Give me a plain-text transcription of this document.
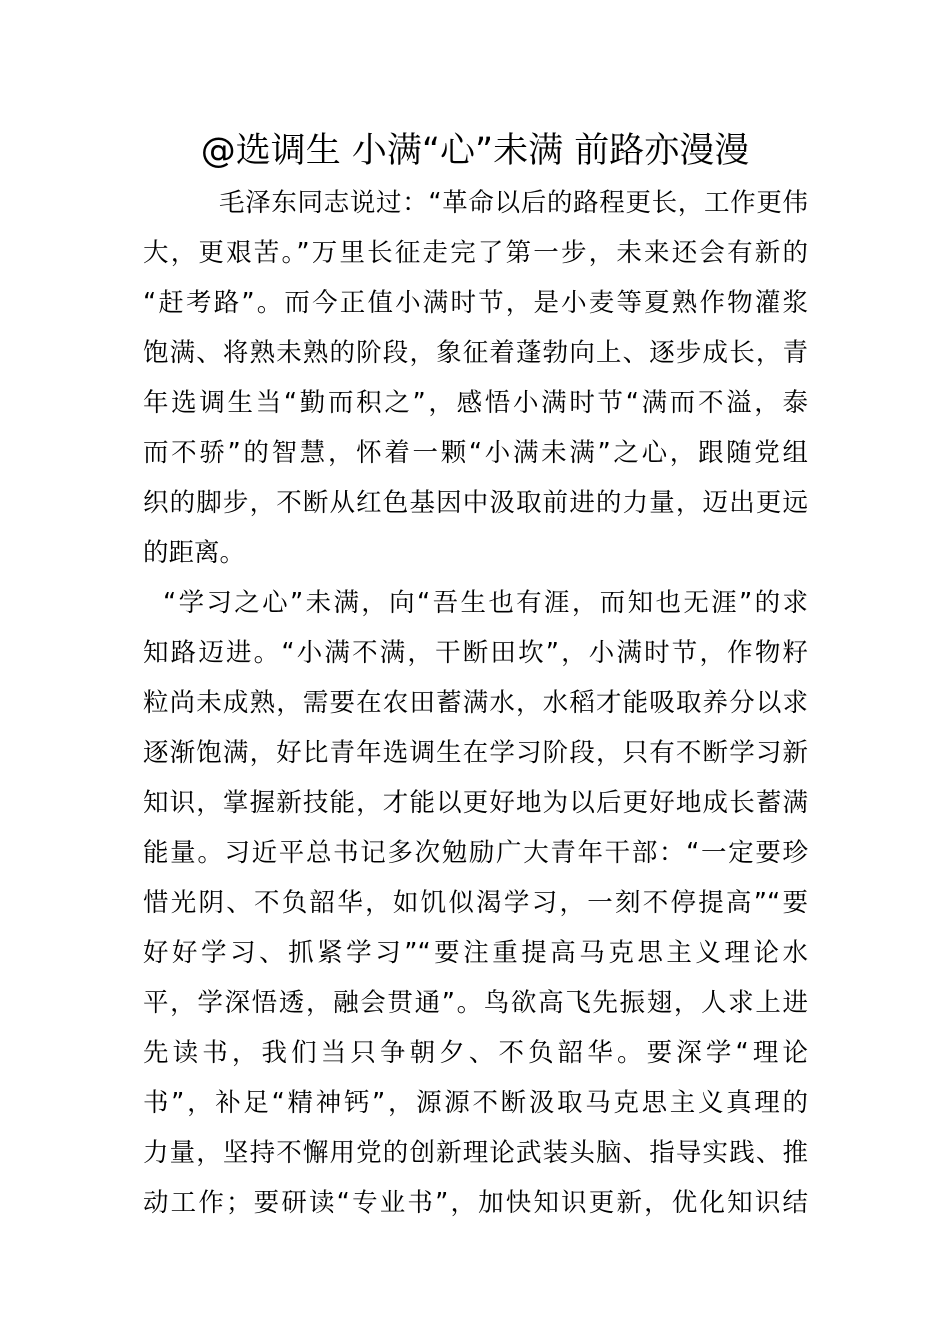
@选调生 小满“心”未满 前路亦漫漫
毛泽东同志说过：“革命以后的路程更长，工作更伟
大，更艰苦。”万里长征走完了第一步，未来还会有新的
“赶考路”。而今正值小满时节，是小麦等夏熟作物灌浆
饱满、将熟未熟的阶段，象征着蓬勃向上、逐步成长，青
年选调生当“勤而积之”，感悟小满时节“满而不溢，泰
而不骄”的智慧，怀着一颗“小满未满”之心，跟随党组
织的脚步，不断从红色基因中汲取前进的力量，迈出更远
的距离。
“学习之心”未满，向“吾生也有涯，而知也无涯”的求
知路迈进。“小满不满，干断田坎”，小满时节，作物籽
粒尚未成熟，需要在农田蓄满水，水稻才能吸取养分以求
逐渐饱满，好比青年选调生在学习阶段，只有不断学习新
知识，掌握新技能，才能以更好地为以后更好地成长蓄满
能量。习近平总书记多次勉励广大青年干部：“一定要珍
惜光阴、不负韶华，如饥似渴学习，一刻不停提高”“要
好好学习、抓紧学习”“要注重提高马克思主义理论水
平，学深悟透，融会贯通”。鸟欲高飞先振翅，人求上进
先读书，我们当只争朝夕、不负韶华。要深学“理论
书”，补足“精神钙”，源源不断汲取马克思主义真理的
力量，坚持不懈用党的创新理论武装头脑、指导实践、推
动工作；要研读“专业书”，加快知识更新，优化知识结
